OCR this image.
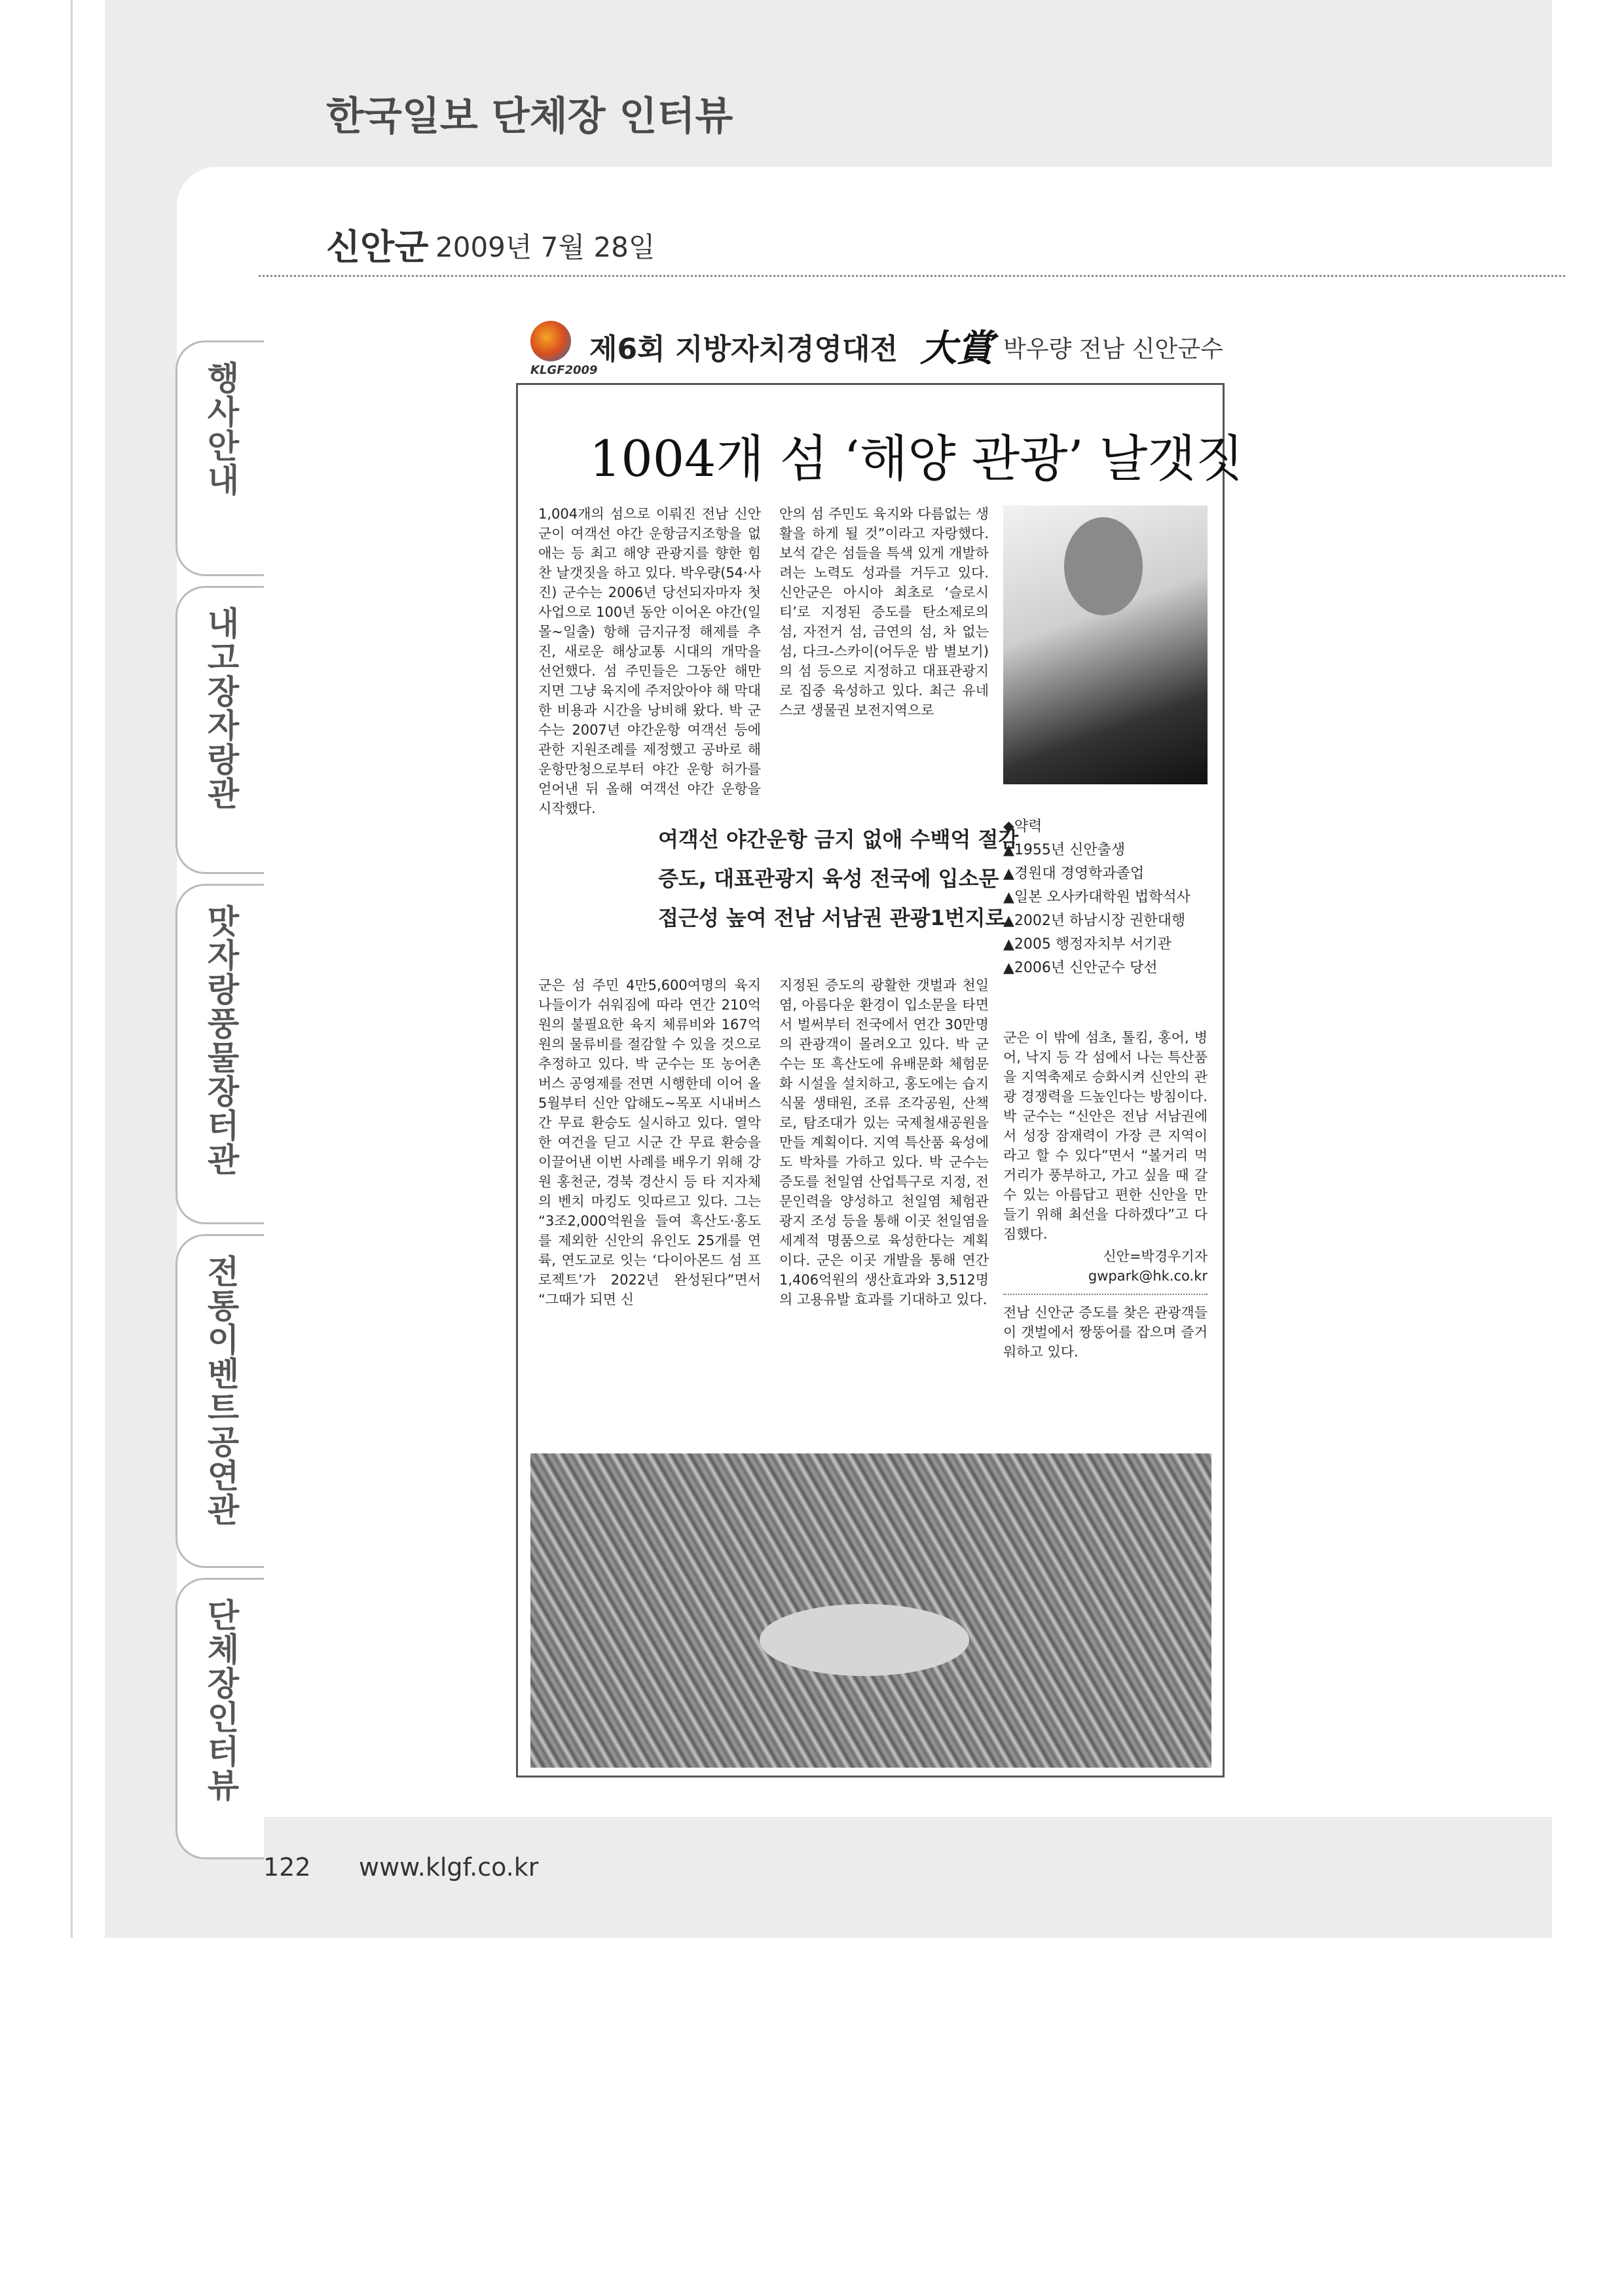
한국일보 단체장 인터뷰
신안군 2009년 7월 28일
행사안내
내고장자랑관
맛자랑풍물장터관
전통이벤트공연관
단체장인터뷰
KLGF2009
제6회 지방자치경영대전 大賞 박우량 전남 신안군수
1004개 섬 ‘해양 관광’ 날갯짓

1,004개의 섬으로 이뤄진 전남 신안군이 여객선 야간 운항금지조항을 없애는 등 최고 해양 관광지를 향한 힘찬 날갯짓을 하고 있다. 박우량(54·사진) 군수는 2006년 당선되자마자 첫 사업으로 100년 동안 이어온 야간(일몰~일출) 항해 금지규정 해제를 추진, 새로운 해상교통 시대의 개막을 선언했다. 섬 주민들은 그동안 해만 지면 그냥 육지에 주저앉아야 해 막대한 비용과 시간을 낭비해 왔다. 박 군수는 2007년 야간운항 여객선 등에 관한 지원조례를 제정했고 공바로 해운항만청으로부터 야간 운항 허가를 얻어낸 뒤 올해 여객선 야간 운항을 시작했다.

안의 섬 주민도 육지와 다름없는 생활을 하게 될 것”이라고 자랑했다. 보석 같은 섬들을 특색 있게 개발하려는 노력도 성과를 거두고 있다. 신안군은 아시아 최초로 ‘슬로시티’로 지정된 증도를 탄소제로의 섬, 자전거 섬, 금연의 섬, 차 없는 섬, 다크-스카이(어두운 밤 별보기)의 섬 등으로 지정하고 대표관광지로 집중 육성하고 있다. 최근 유네스코 생물권 보전지역으로

여객선 야간운항 금지 없애 수백억 절감
증도, 대표관광지 육성 전국에 입소문
접근성 높여 전남 서남권 관광1번지로

군은 섬 주민 4만5,600여명의 육지 나들이가 쉬워짐에 따라 연간 210억원의 불필요한 육지 체류비와 167억원의 물류비를 절감할 수 있을 것으로 추정하고 있다. 박 군수는 또 농어촌버스 공영제를 전면 시행한데 이어 올 5월부터 신안 압해도~목포 시내버스 간 무료 환승도 실시하고 있다. 열악한 여건을 딛고 시군 간 무료 환승을 이끌어낸 이번 사례를 배우기 위해 강원 홍천군, 경북 경산시 등 타 지자체의 벤치 마킹도 잇따르고 있다. 그는 “3조2,000억원을 들여 흑산도·홍도를 제외한 신안의 유인도 25개를 연륙, 연도교로 잇는 ‘다이아몬드 섬 프로젝트’가 2022년 완성된다”면서 “그때가 되면 신

지정된 증도의 광활한 갯벌과 천일염, 아름다운 환경이 입소문을 타면서 벌써부터 전국에서 연간 30만명의 관광객이 몰려오고 있다. 박 군수는 또 흑산도에 유배문화 체험문화 시설을 설치하고, 홍도에는 습지식물 생태원, 조류 조각공원, 산책로, 탐조대가 있는 국제철새공원을 만들 계획이다. 지역 특산품 육성에도 박차를 가하고 있다. 박 군수는 증도를 천일염 산업특구로 지정, 전문인력을 양성하고 천일염 체험관광지 조성 등을 통해 이곳 천일염을 세계적 명품으로 육성한다는 계획이다. 군은 이곳 개발을 통해 연간 1,406억원의 생산효과와 3,512명의 고용유발 효과를 기대하고 있다.

◆약력
▲1955년 신안출생
▲경원대 경영학과졸업
▲일본 오사카대학원 법학석사
▲2002년 하남시장 권한대행
▲2005 행정자치부 서기관
▲2006년 신안군수 당선

군은 이 밖에 섬초, 톨킴, 홍어, 병어, 낙지 등 각 섬에서 나는 특산품을 지역축제로 승화시켜 신안의 관광 경쟁력을 드높인다는 방침이다. 박 군수는 “신안은 전남 서남권에서 성장 잠재력이 가장 큰 지역이라고 할 수 있다”면서 “볼거리 먹거리가 풍부하고, 가고 싶을 때 갈 수 있는 아름답고 편한 신안을 만들기 위해 최선을 다하겠다”고 다짐했다.

신안=박경우기자

gwpark@hk.co.kr

전남 신안군 증도를 찾은 관광객들이 갯벌에서 짱뚱어를 잡으며 즐거워하고 있다.

122 www.klgf.co.kr
